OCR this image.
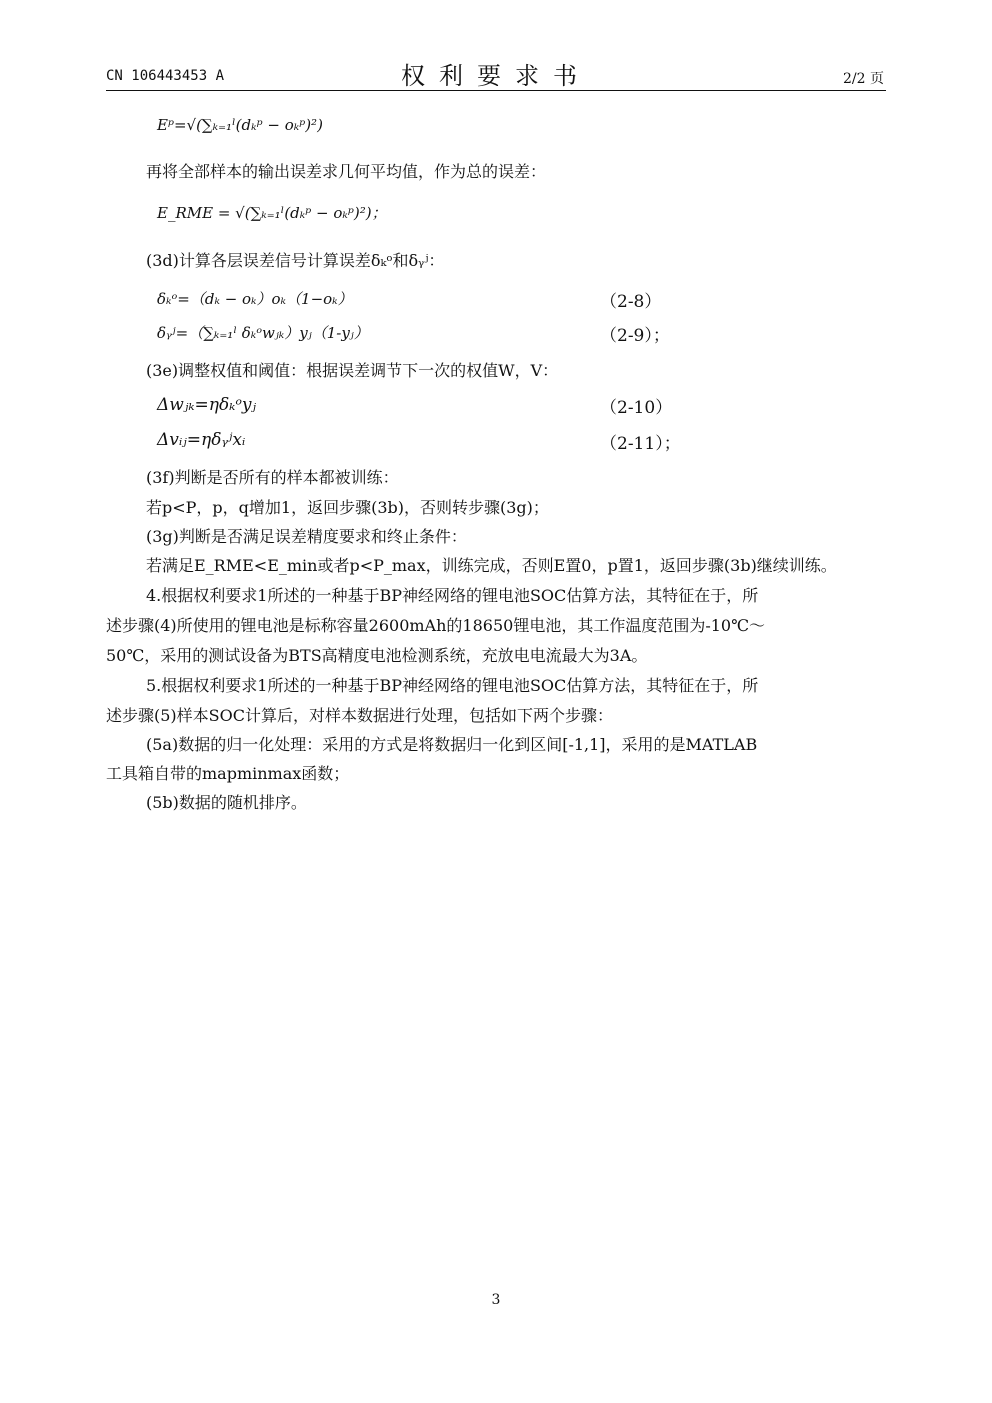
CN 106443453 A	权利要求书	2/2 页
Eᵖ=√(∑ₖ₌₁ˡ(dₖᵖ − oₖᵖ)²)
再将全部样本的输出误差求几何平均值，作为总的误差：
E_RME = √(∑ₖ₌₁ˡ(dₖᵖ − oₖᵖ)²)；
(3d)计算各层误差信号计算误差δₖᵒ和δᵧʲ：
δₖᵒ=（dₖ − oₖ）oₖ（1−oₖ）	（2-8）
δᵧʲ=（∑ₖ₌₁ˡ δₖᵒwⱼₖ）yⱼ（1-yⱼ）	（2-9）；
(3e)调整权值和阈值：根据误差调节下一次的权值W，V：
Δwⱼₖ=ηδₖᵒyⱼ	（2-10）
Δvᵢⱼ=ηδᵧʲxᵢ	（2-11）；
(3f)判断是否所有的样本都被训练：
若p<P，p，q增加1，返回步骤(3b)，否则转步骤(3g)；
(3g)判断是否满足误差精度要求和终止条件：
若满足E_RME<E_min或者p<P_max，训练完成，否则E置0，p置1，返回步骤(3b)继续训练。
4.根据权利要求1所述的一种基于BP神经网络的锂电池SOC估算方法，其特征在于，所
述步骤(4)所使用的锂电池是标称容量2600mAh的18650锂电池，其工作温度范围为-10℃～
50℃，采用的测试设备为BTS高精度电池检测系统，充放电电流最大为3A。
5.根据权利要求1所述的一种基于BP神经网络的锂电池SOC估算方法，其特征在于，所
述步骤(5)样本SOC计算后，对样本数据进行处理，包括如下两个步骤：
(5a)数据的归一化处理：采用的方式是将数据归一化到区间[-1,1]，采用的是MATLAB
工具箱自带的mapminmax函数；
(5b)数据的随机排序。
3
